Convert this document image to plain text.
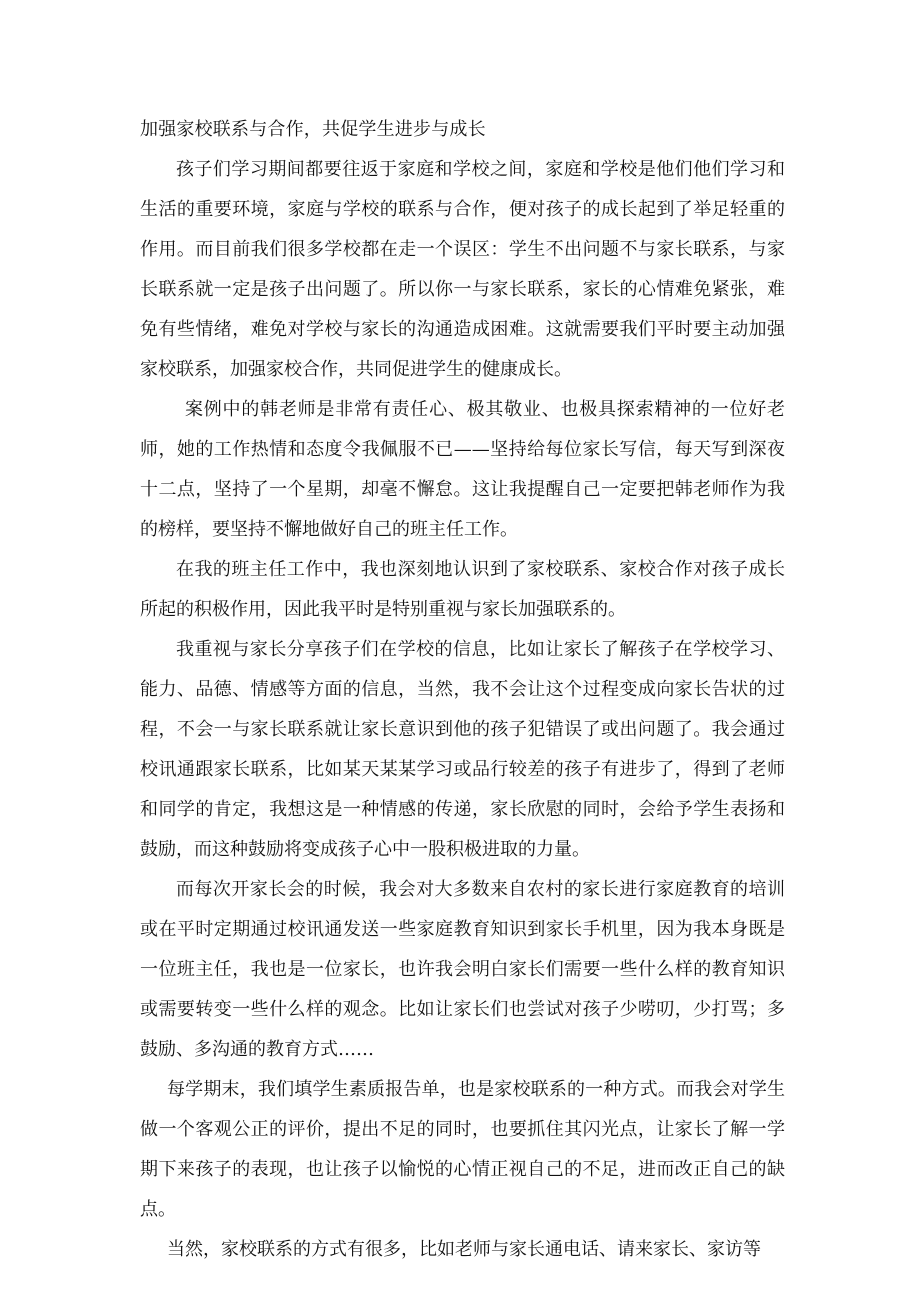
加强家校联系与合作，共促学生进步与成长

孩子们学习期间都要往返于家庭和学校之间，家庭和学校是他们他们学习和生活的重要环境，家庭与学校的联系与合作，便对孩子的成长起到了举足轻重的作用。而目前我们很多学校都在走一个误区：学生不出问题不与家长联系，与家长联系就一定是孩子出问题了。所以你一与家长联系，家长的心情难免紧张，难免有些情绪，难免对学校与家长的沟通造成困难。这就需要我们平时要主动加强家校联系，加强家校合作，共同促进学生的健康成长。

案例中的韩老师是非常有责任心、极其敬业、也极具探索精神的一位好老师，她的工作热情和态度令我佩服不已——坚持给每位家长写信，每天写到深夜十二点，坚持了一个星期，却毫不懈怠。这让我提醒自己一定要把韩老师作为我的榜样，要坚持不懈地做好自己的班主任工作。

在我的班主任工作中，我也深刻地认识到了家校联系、家校合作对孩子成长所起的积极作用，因此我平时是特别重视与家长加强联系的。

我重视与家长分享孩子们在学校的信息，比如让家长了解孩子在学校学习、能力、品德、情感等方面的信息，当然，我不会让这个过程变成向家长告状的过程，不会一与家长联系就让家长意识到他的孩子犯错误了或出问题了。我会通过校讯通跟家长联系，比如某天某某学习或品行较差的孩子有进步了，得到了老师和同学的肯定，我想这是一种情感的传递，家长欣慰的同时，会给予学生表扬和鼓励，而这种鼓励将变成孩子心中一股积极进取的力量。

而每次开家长会的时候，我会对大多数来自农村的家长进行家庭教育的培训或在平时定期通过校讯通发送一些家庭教育知识到家长手机里，因为我本身既是一位班主任，我也是一位家长，也许我会明白家长们需要一些什么样的教育知识或需要转变一些什么样的观念。比如让家长们也尝试对孩子少唠叨，少打骂；多鼓励、多沟通的教育方式……

每学期末，我们填学生素质报告单，也是家校联系的一种方式。而我会对学生做一个客观公正的评价，提出不足的同时，也要抓住其闪光点，让家长了解一学期下来孩子的表现，也让孩子以愉悦的心情正视自己的不足，进而改正自己的缺点。

当然，家校联系的方式有很多，比如老师与家长通电话、请来家长、家访等
